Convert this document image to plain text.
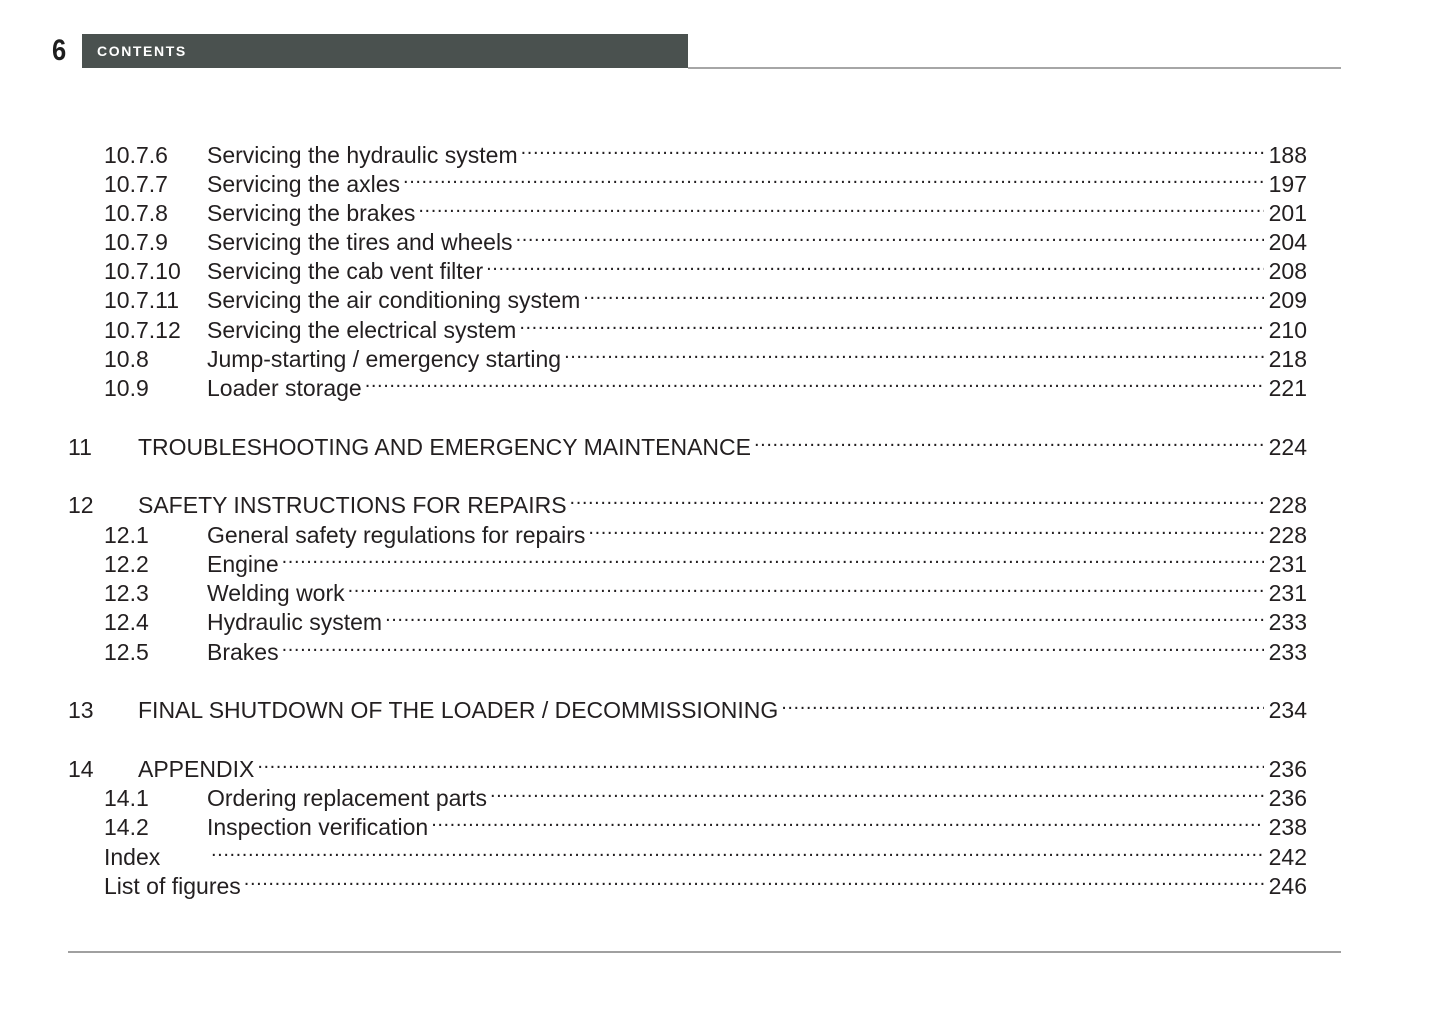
6 CONTENTS
10.7.6	Servicing the hydraulic system .....	188
10.7.7	Servicing the axles .....	197
10.7.8	Servicing the brakes .....	201
10.7.9	Servicing the tires and wheels .....	204
10.7.10	Servicing the cab vent filter .....	208
10.7.11	Servicing the air conditioning system .....	209
10.7.12	Servicing the electrical system .....	210
10.8	Jump-starting / emergency starting .....	218
10.9	Loader storage .....	221
11	TROUBLESHOOTING AND EMERGENCY MAINTENANCE .....	224
12	SAFETY INSTRUCTIONS FOR REPAIRS .....	228
12.1	General safety regulations for repairs .....	228
12.2	Engine .....	231
12.3	Welding work .....	231
12.4	Hydraulic system .....	233
12.5	Brakes .....	233
13	FINAL SHUTDOWN OF THE LOADER / DECOMMISSIONING .....	234
14	APPENDIX .....	236
14.1	Ordering replacement parts .....	236
14.2	Inspection verification .....	238
Index .....	242
List of figures .....	246
